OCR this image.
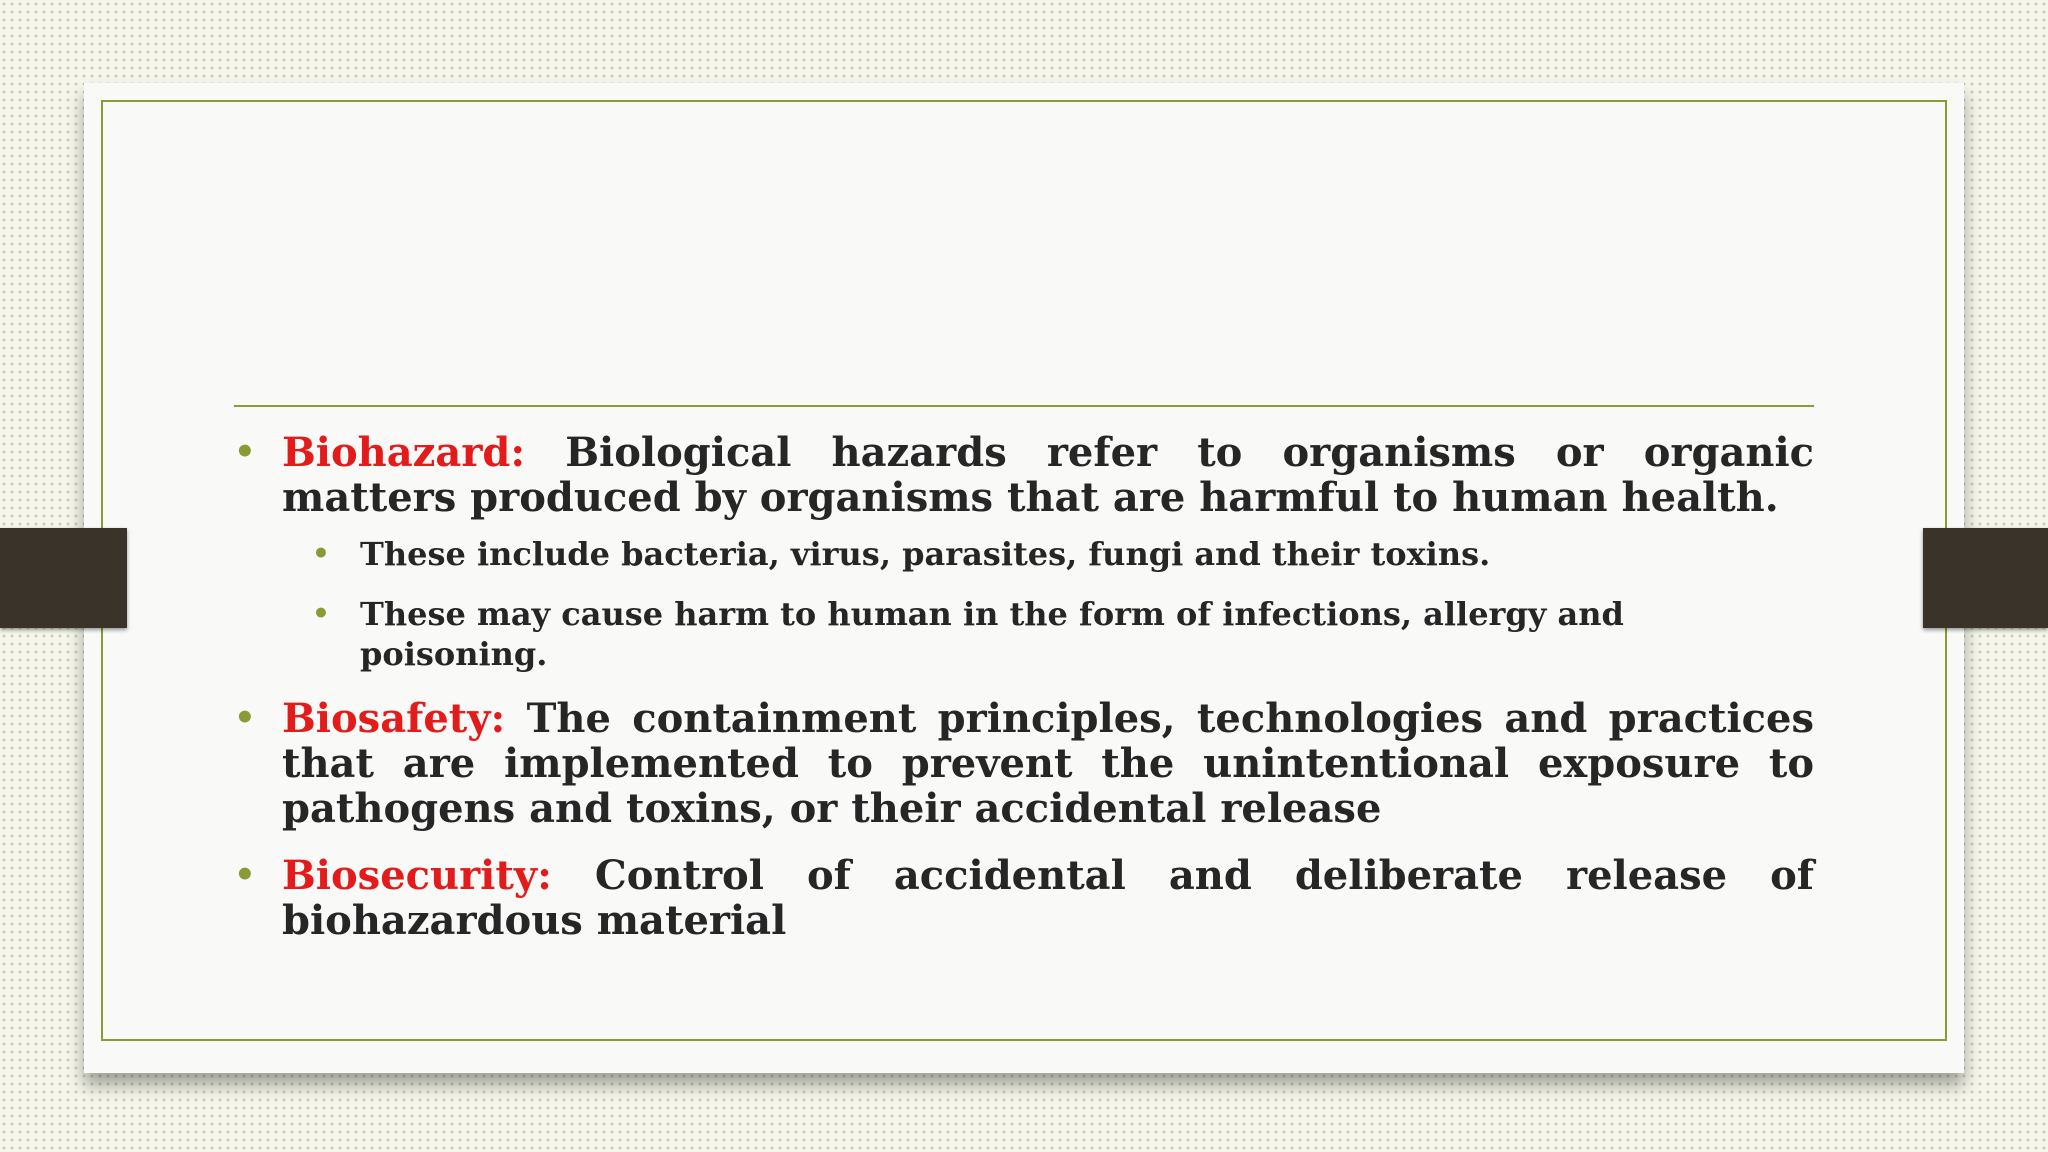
• Biohazard: Biological hazards refer to organisms or organic matters produced by organisms that are harmful to human health.
• These include bacteria, virus, parasites, fungi and their toxins.
• These may cause harm to human in the form of infections, allergy and poisoning.
• Biosafety: The containment principles, technologies and practices that are implemented to prevent the unintentional exposure to pathogens and toxins, or their accidental release
• Biosecurity: Control of accidental and deliberate release of biohazardous material
